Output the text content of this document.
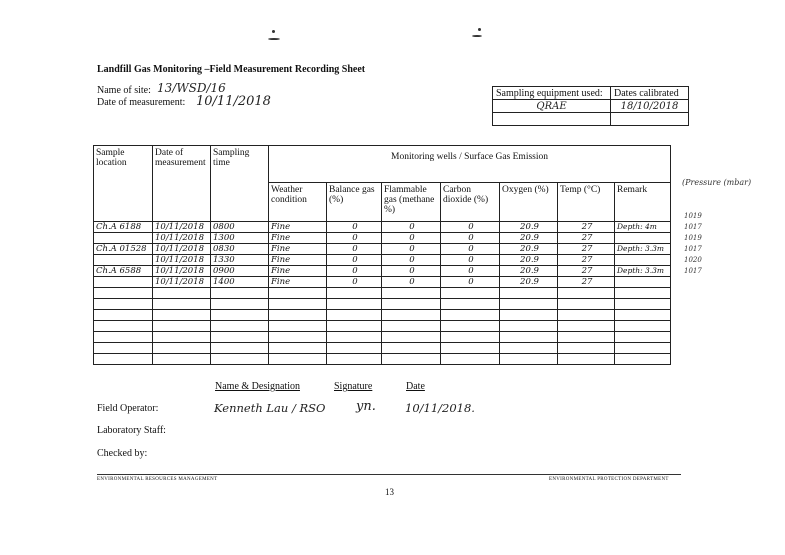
Landfill Gas Monitoring –Field Measurement Recording Sheet
Name of site: 13/WSD/16
Date of measurement: 10/11/2018
Sampling equipment used:	Dates calibrated
QRAE	18/10/2018

Sample location	Date of measurement	Sampling time	Monitoring wells / Surface Gas Emission						
			Weather condition	Balance gas (%)	Flammable gas (methane %)	Carbon dioxide (%)	Oxygen (%)	Temp (°C)	Remark
Ch.A 6188	10/11/2018	0800	Fine	0	0	0	20.9	27	Depth: 4m
	10/11/2018	1300	Fine	0	0	0	20.9	27	
Ch.A 01528	10/11/2018	0830	Fine	0	0	0	20.9	27	Depth: 3.3m
	10/11/2018	1330	Fine	0	0	0	20.9	27	
Ch.A 6588	10/11/2018	0900	Fine	0	0	0	20.9	27	Depth: 3.3m
	10/11/2018	1400	Fine	0	0	0	20.9	27	

(Pressure (mbar)
1019
1017
1019
1017
1020
1017
Name & Designation	Signature	Date
Field Operator:	Kenneth Lau / RSO yn.	10/11/2018.
Laboratory Staff:
Checked by:
ENVIRONMENTAL RESOURCES MANAGEMENT	ENVIRONMENTAL PROTECTION DEPARTMENT
13
